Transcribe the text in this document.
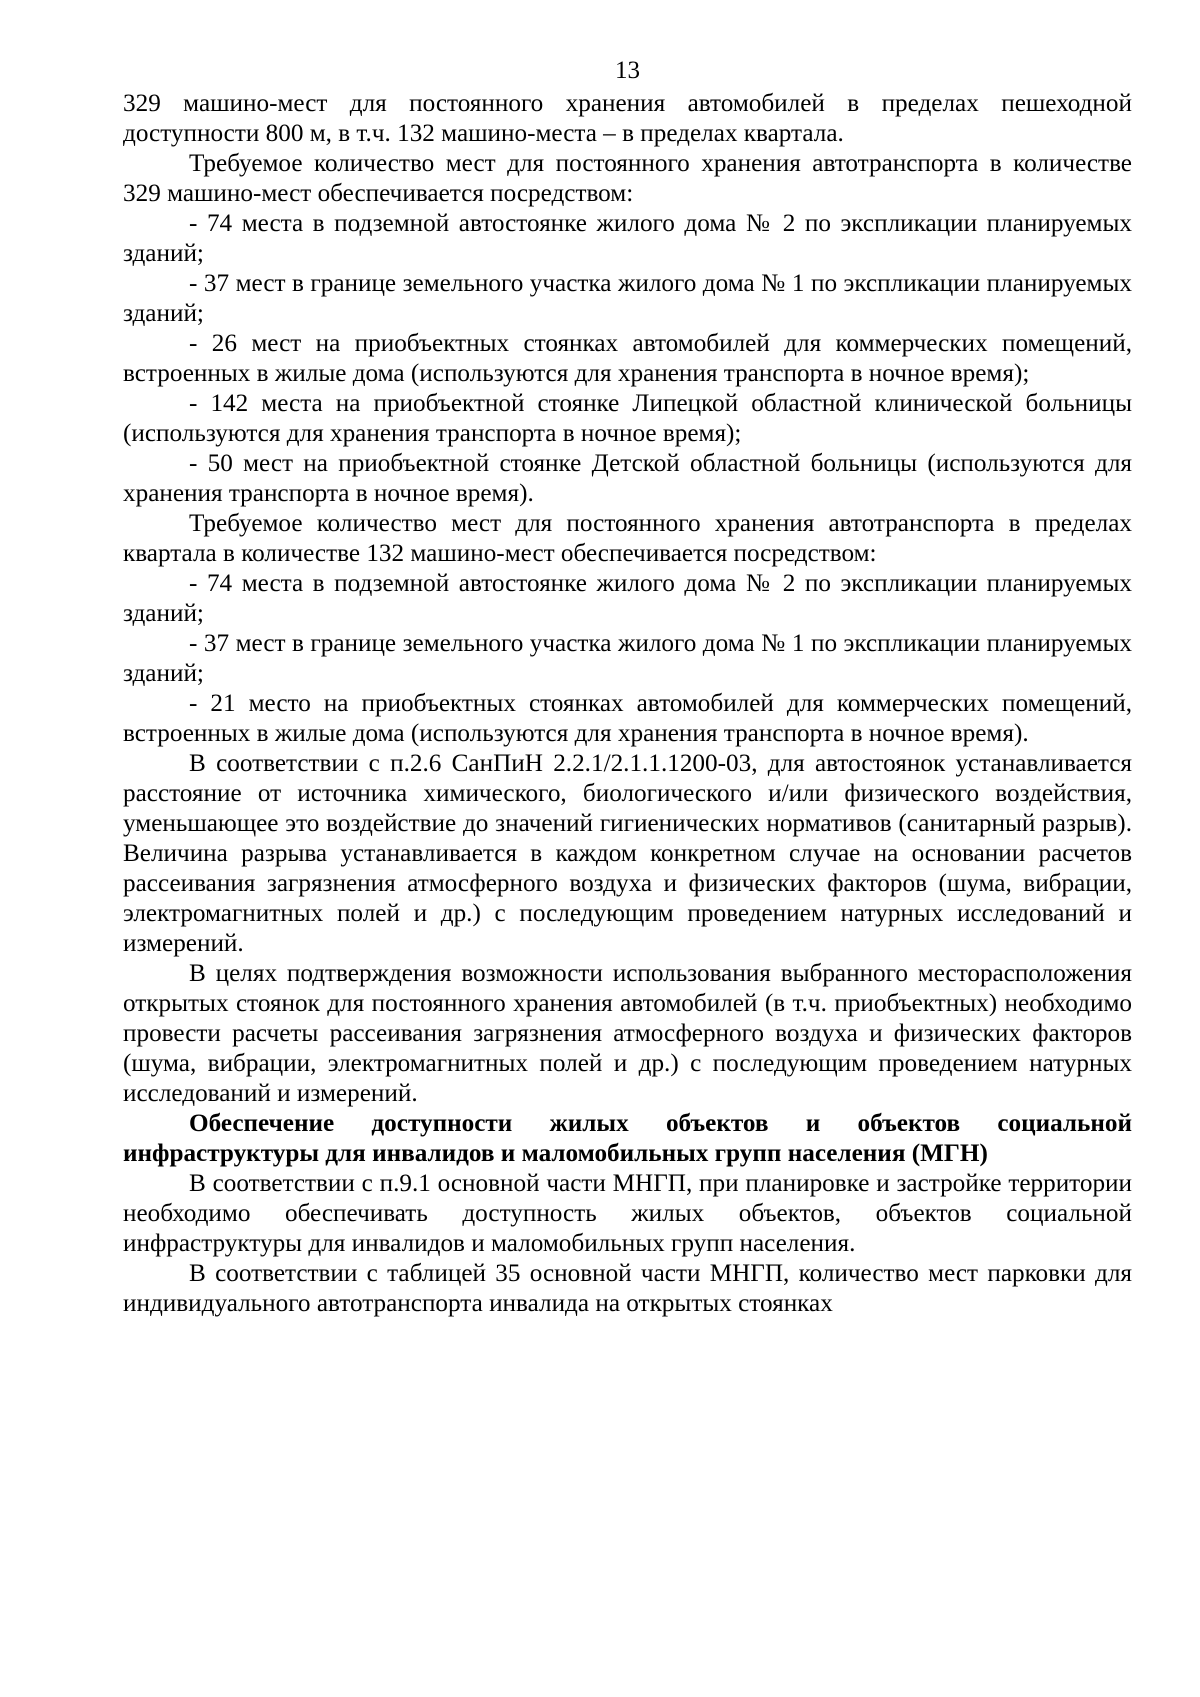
13

329 машино-мест для постоянного хранения автомобилей в пределах пешеходной доступности 800 м, в т.ч. 132 машино-места – в пределах квартала.

Требуемое количество мест для постоянного хранения автотранспорта в количестве 329 машино-мест обеспечивается посредством:

- 74 места в подземной автостоянке жилого дома № 2 по экспликации планируемых зданий;

- 37 мест в границе земельного участка жилого дома № 1 по экспликации планируемых зданий;

- 26 мест на приобъектных стоянках автомобилей для коммерческих помещений, встроенных в жилые дома (используются для хранения транспорта в ночное время);

- 142 места на приобъектной стоянке Липецкой областной клинической больницы (используются для хранения транспорта в ночное время);

- 50 мест на приобъектной стоянке Детской областной больницы (используются для хранения транспорта в ночное время).

Требуемое количество мест для постоянного хранения автотранспорта в пределах квартала в количестве 132 машино-мест обеспечивается посредством:

- 74 места в подземной автостоянке жилого дома № 2 по экспликации планируемых зданий;

- 37 мест в границе земельного участка жилого дома № 1 по экспликации планируемых зданий;

- 21 место на приобъектных стоянках автомобилей для коммерческих помещений, встроенных в жилые дома (используются для хранения транспорта в ночное время).

В соответствии с п.2.6 СанПиН 2.2.1/2.1.1.1200-03, для автостоянок устанавливается расстояние от источника химического, биологического и/или физического воздействия, уменьшающее это воздействие до значений гигиенических нормативов (санитарный разрыв). Величина разрыва устанавливается в каждом конкретном случае на основании расчетов рассеивания загрязнения атмосферного воздуха и физических факторов (шума, вибрации, электромагнитных полей и др.) с последующим проведением натурных исследований и измерений.

В целях подтверждения возможности использования выбранного месторасположения открытых стоянок для постоянного хранения автомобилей (в т.ч. приобъектных) необходимо провести расчеты рассеивания загрязнения атмосферного воздуха и физических факторов (шума, вибрации, электромагнитных полей и др.) с последующим проведением натурных исследований и измерений.

Обеспечение доступности жилых объектов и объектов социальной инфраструктуры для инвалидов и маломобильных групп населения (МГН)

В соответствии с п.9.1 основной части МНГП, при планировке и застройке территории необходимо обеспечивать доступность жилых объектов, объектов социальной инфраструктуры для инвалидов и маломобильных групп населения.

В соответствии с таблицей 35 основной части МНГП, количество мест парковки для индивидуального автотранспорта инвалида на открытых стоянках
